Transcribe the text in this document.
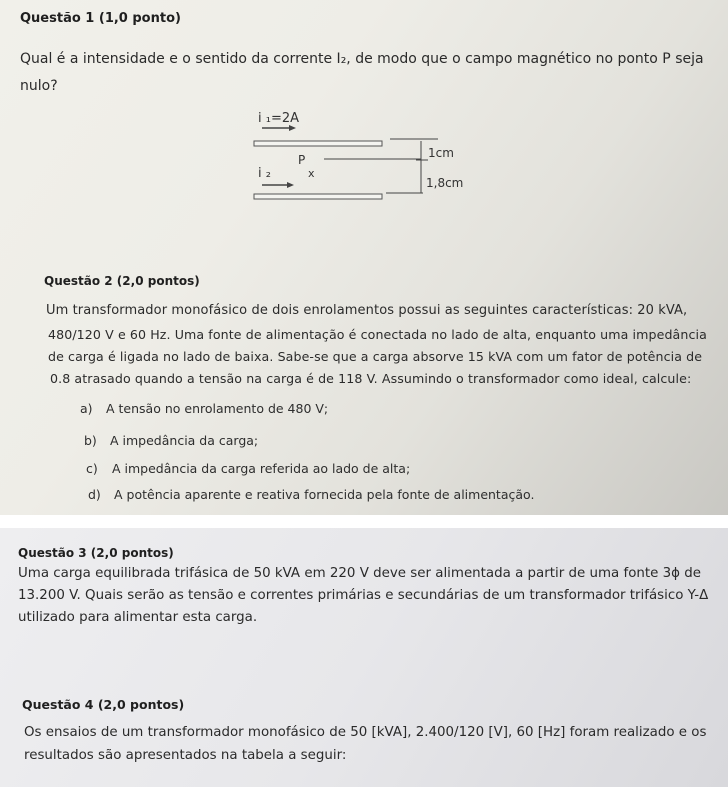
Questão 1 (1,0 ponto)
Qual é a intensidade e o sentido da corrente I₂, de modo que o campo magnético no ponto P seja
nulo?
i ₁=2A
1cm
i ₂
P
x
1,8cm
Questão 2 (2,0 pontos)
Um transformador monofásico de dois enrolamentos possui as seguintes características: 20 kVA,
480/120 V e 60 Hz. Uma fonte de alimentação é conectada no lado de alta, enquanto uma impedância
de carga é ligada no lado de baixa. Sabe-se que a carga absorve 15 kVA com um fator de potência de
0.8 atrasado quando a tensão na carga é de 118 V. Assumindo o transformador como ideal, calcule:
a) A tensão no enrolamento de 480 V;
b) A impedância da carga;
c) A impedância da carga referida ao lado de alta;
d) A potência aparente e reativa fornecida pela fonte de alimentação.
Questão 3 (2,0 pontos)
Uma carga equilibrada trifásica de 50 kVA em 220 V deve ser alimentada a partir de uma fonte 3ϕ de
13.200 V. Quais serão as tensão e correntes primárias e secundárias de um transformador trifásico Y-Δ
utilizado para alimentar esta carga.
Questão 4 (2,0 pontos)
Os ensaios de um transformador monofásico de 50 [kVA], 2.400/120 [V], 60 [Hz] foram realizado e os
resultados são apresentados na tabela a seguir:
